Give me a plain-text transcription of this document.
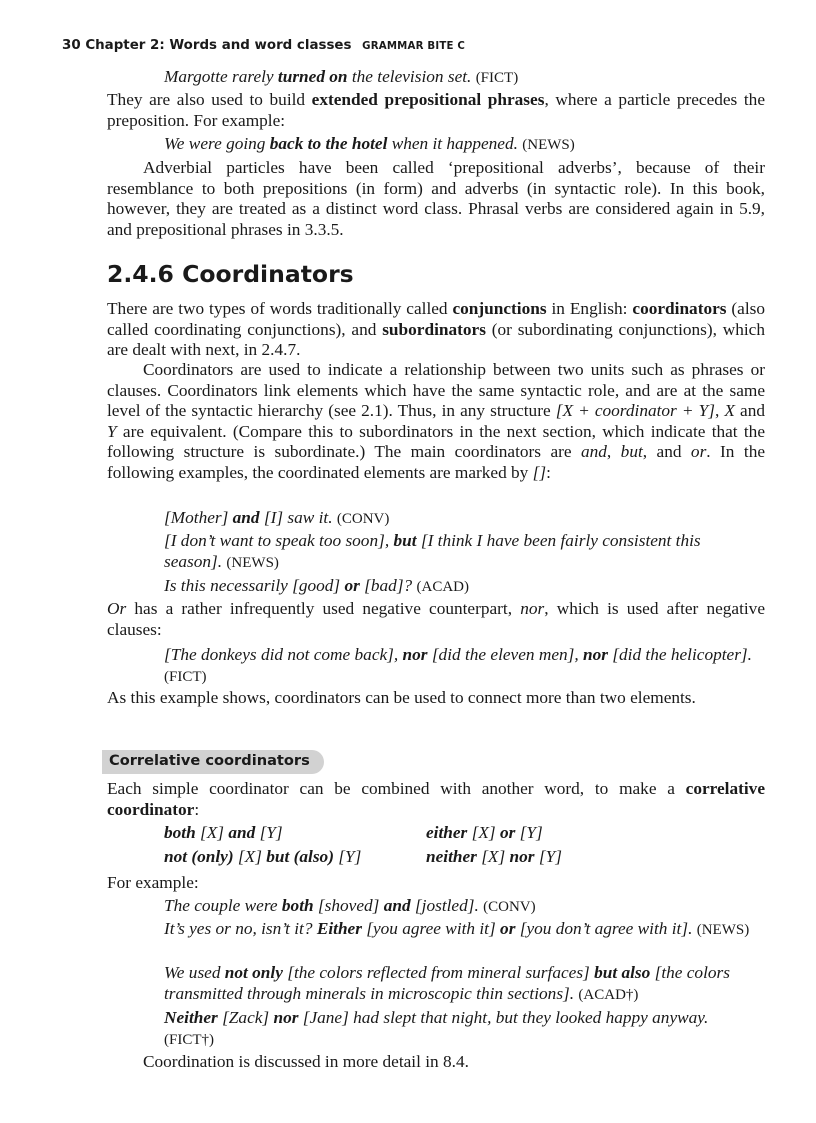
30 Chapter 2: Words and word classes GRAMMAR BITE C

Margotte rarely turned on the television set. (FICT)

They are also used to build extended prepositional phrases, where a particle precedes the preposition. For example:

We were going back to the hotel when it happened. (NEWS)

Adverbial particles have been called ‘prepositional adverbs’, because of their resemblance to both prepositions (in form) and adverbs (in syntactic role). In this book, however, they are treated as a distinct word class. Phrasal verbs are considered again in 5.9, and prepositional phrases in 3.3.5.

2.4.6 Coordinators

There are two types of words traditionally called conjunctions in English: coordinators (also called coordinating conjunctions), and subordinators (or subordinating conjunctions), which are dealt with next, in 2.4.7.

Coordinators are used to indicate a relationship between two units such as phrases or clauses. Coordinators link elements which have the same syntactic role, and are at the same level of the syntactic hierarchy (see 2.1). Thus, in any structure [X + coordinator + Y], X and Y are equivalent. (Compare this to subordinators in the next section, which indicate that the following structure is subordinate.) The main coordinators are and, but, and or. In the following examples, the coordinated elements are marked by []:

[Mother] and [I] saw it. (CONV)

[I don’t want to speak too soon], but [I think I have been fairly consistent this season]. (NEWS)

Is this necessarily [good] or [bad]? (ACAD)

Or has a rather infrequently used negative counterpart, nor, which is used after negative clauses:

[The donkeys did not come back], nor [did the eleven men], nor [did the helicopter]. (FICT)

As this example shows, coordinators can be used to connect more than two elements.

Correlative coordinators

Each simple coordinator can be combined with another word, to make a correlative coordinator:

both [X] and [Y]	either [X] or [Y]
not (only) [X] but (also) [Y]	neither [X] nor [Y]

For example:

The couple were both [shoved] and [jostled]. (CONV)

It’s yes or no, isn’t it? Either [you agree with it] or [you don’t agree with it]. (NEWS)

We used not only [the colors reflected from mineral surfaces] but also [the colors transmitted through minerals in microscopic thin sections]. (ACAD†)

Neither [Zack] nor [Jane] had slept that night, but they looked happy anyway. (FICT†)

Coordination is discussed in more detail in 8.4.
